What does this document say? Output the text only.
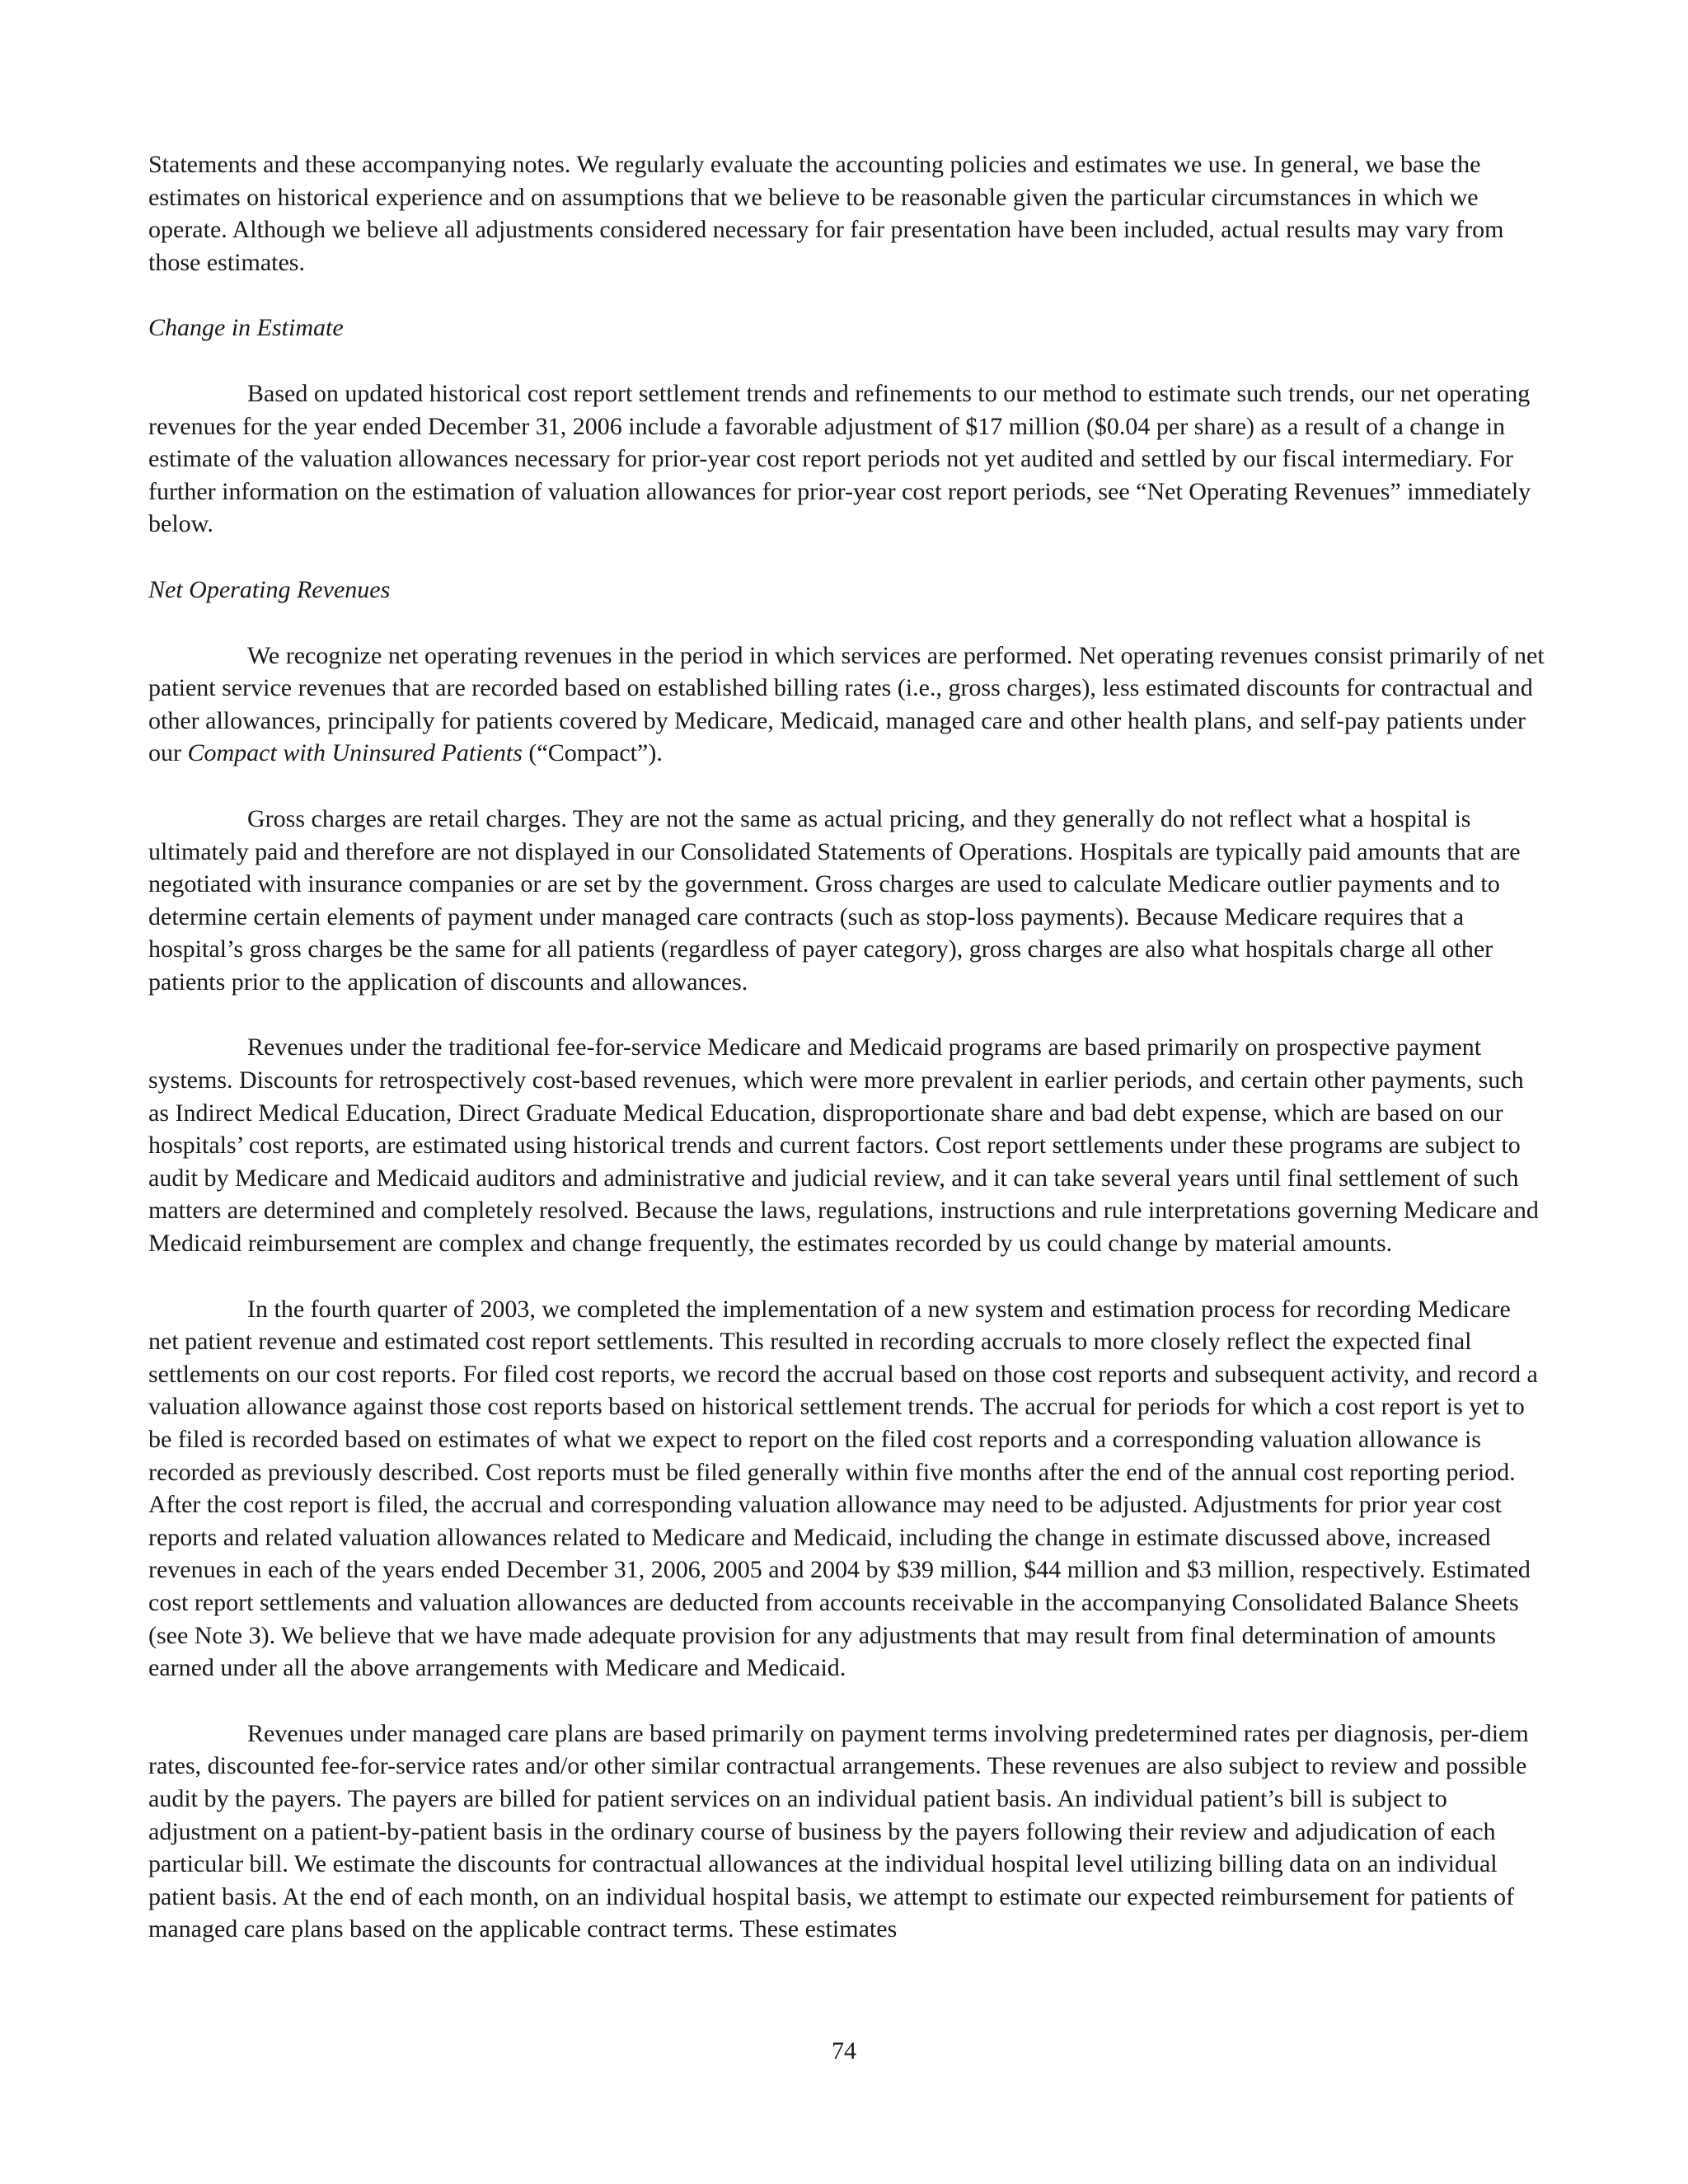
Statements and these accompanying notes. We regularly evaluate the accounting policies and estimates we use. In general, we base the estimates on historical experience and on assumptions that we believe to be reasonable given the particular circumstances in which we operate. Although we believe all adjustments considered necessary for fair presentation have been included, actual results may vary from those estimates.

Change in Estimate

Based on updated historical cost report settlement trends and refinements to our method to estimate such trends, our net operating revenues for the year ended December 31, 2006 include a favorable adjustment of $17 million ($0.04 per share) as a result of a change in estimate of the valuation allowances necessary for prior-year cost report periods not yet audited and settled by our fiscal intermediary. For further information on the estimation of valuation allowances for prior-year cost report periods, see “Net Operating Revenues” immediately below.

Net Operating Revenues

We recognize net operating revenues in the period in which services are performed. Net operating revenues consist primarily of net patient service revenues that are recorded based on established billing rates (i.e., gross charges), less estimated discounts for contractual and other allowances, principally for patients covered by Medicare, Medicaid, managed care and other health plans, and self-pay patients under our Compact with Uninsured Patients (“Compact”).

Gross charges are retail charges. They are not the same as actual pricing, and they generally do not reflect what a hospital is ultimately paid and therefore are not displayed in our Consolidated Statements of Operations. Hospitals are typically paid amounts that are negotiated with insurance companies or are set by the government. Gross charges are used to calculate Medicare outlier payments and to determine certain elements of payment under managed care contracts (such as stop-loss payments). Because Medicare requires that a hospital’s gross charges be the same for all patients (regardless of payer category), gross charges are also what hospitals charge all other patients prior to the application of discounts and allowances.

Revenues under the traditional fee-for-service Medicare and Medicaid programs are based primarily on prospective payment systems. Discounts for retrospectively cost-based revenues, which were more prevalent in earlier periods, and certain other payments, such as Indirect Medical Education, Direct Graduate Medical Education, disproportionate share and bad debt expense, which are based on our hospitals’ cost reports, are estimated using historical trends and current factors. Cost report settlements under these programs are subject to audit by Medicare and Medicaid auditors and administrative and judicial review, and it can take several years until final settlement of such matters are determined and completely resolved. Because the laws, regulations, instructions and rule interpretations governing Medicare and Medicaid reimbursement are complex and change frequently, the estimates recorded by us could change by material amounts.

In the fourth quarter of 2003, we completed the implementation of a new system and estimation process for recording Medicare net patient revenue and estimated cost report settlements. This resulted in recording accruals to more closely reflect the expected final settlements on our cost reports. For filed cost reports, we record the accrual based on those cost reports and subsequent activity, and record a valuation allowance against those cost reports based on historical settlement trends. The accrual for periods for which a cost report is yet to be filed is recorded based on estimates of what we expect to report on the filed cost reports and a corresponding valuation allowance is recorded as previously described. Cost reports must be filed generally within five months after the end of the annual cost reporting period. After the cost report is filed, the accrual and corresponding valuation allowance may need to be adjusted. Adjustments for prior year cost reports and related valuation allowances related to Medicare and Medicaid, including the change in estimate discussed above, increased revenues in each of the years ended December 31, 2006, 2005 and 2004 by $39 million, $44 million and $3 million, respectively. Estimated cost report settlements and valuation allowances are deducted from accounts receivable in the accompanying Consolidated Balance Sheets (see Note 3). We believe that we have made adequate provision for any adjustments that may result from final determination of amounts earned under all the above arrangements with Medicare and Medicaid.

Revenues under managed care plans are based primarily on payment terms involving predetermined rates per diagnosis, per-diem rates, discounted fee-for-service rates and/or other similar contractual arrangements. These revenues are also subject to review and possible audit by the payers. The payers are billed for patient services on an individual patient basis. An individual patient’s bill is subject to adjustment on a patient-by-patient basis in the ordinary course of business by the payers following their review and adjudication of each particular bill. We estimate the discounts for contractual allowances at the individual hospital level utilizing billing data on an individual patient basis. At the end of each month, on an individual hospital basis, we attempt to estimate our expected reimbursement for patients of managed care plans based on the applicable contract terms. These estimates

74
